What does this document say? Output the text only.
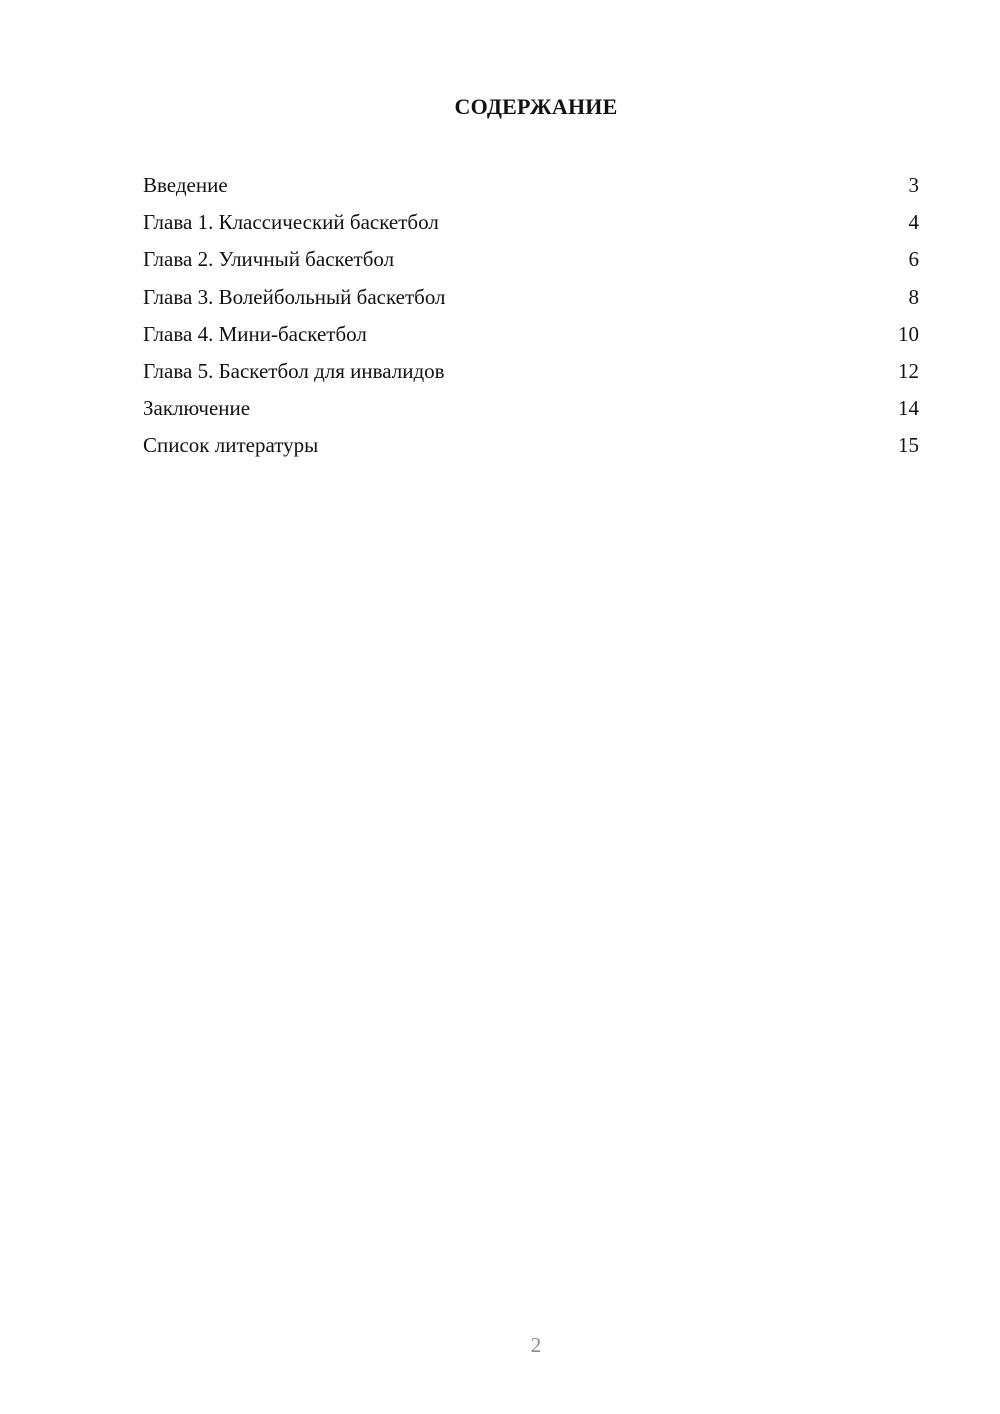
СОДЕРЖАНИЕ
Введение	3
Глава 1. Классический баскетбол	4
Глава 2. Уличный баскетбол	6
Глава 3. Волейбольный баскетбол	8
Глава 4. Мини-баскетбол	10
Глава 5. Баскетбол для инвалидов	12
Заключение	14
Список литературы	15
2
